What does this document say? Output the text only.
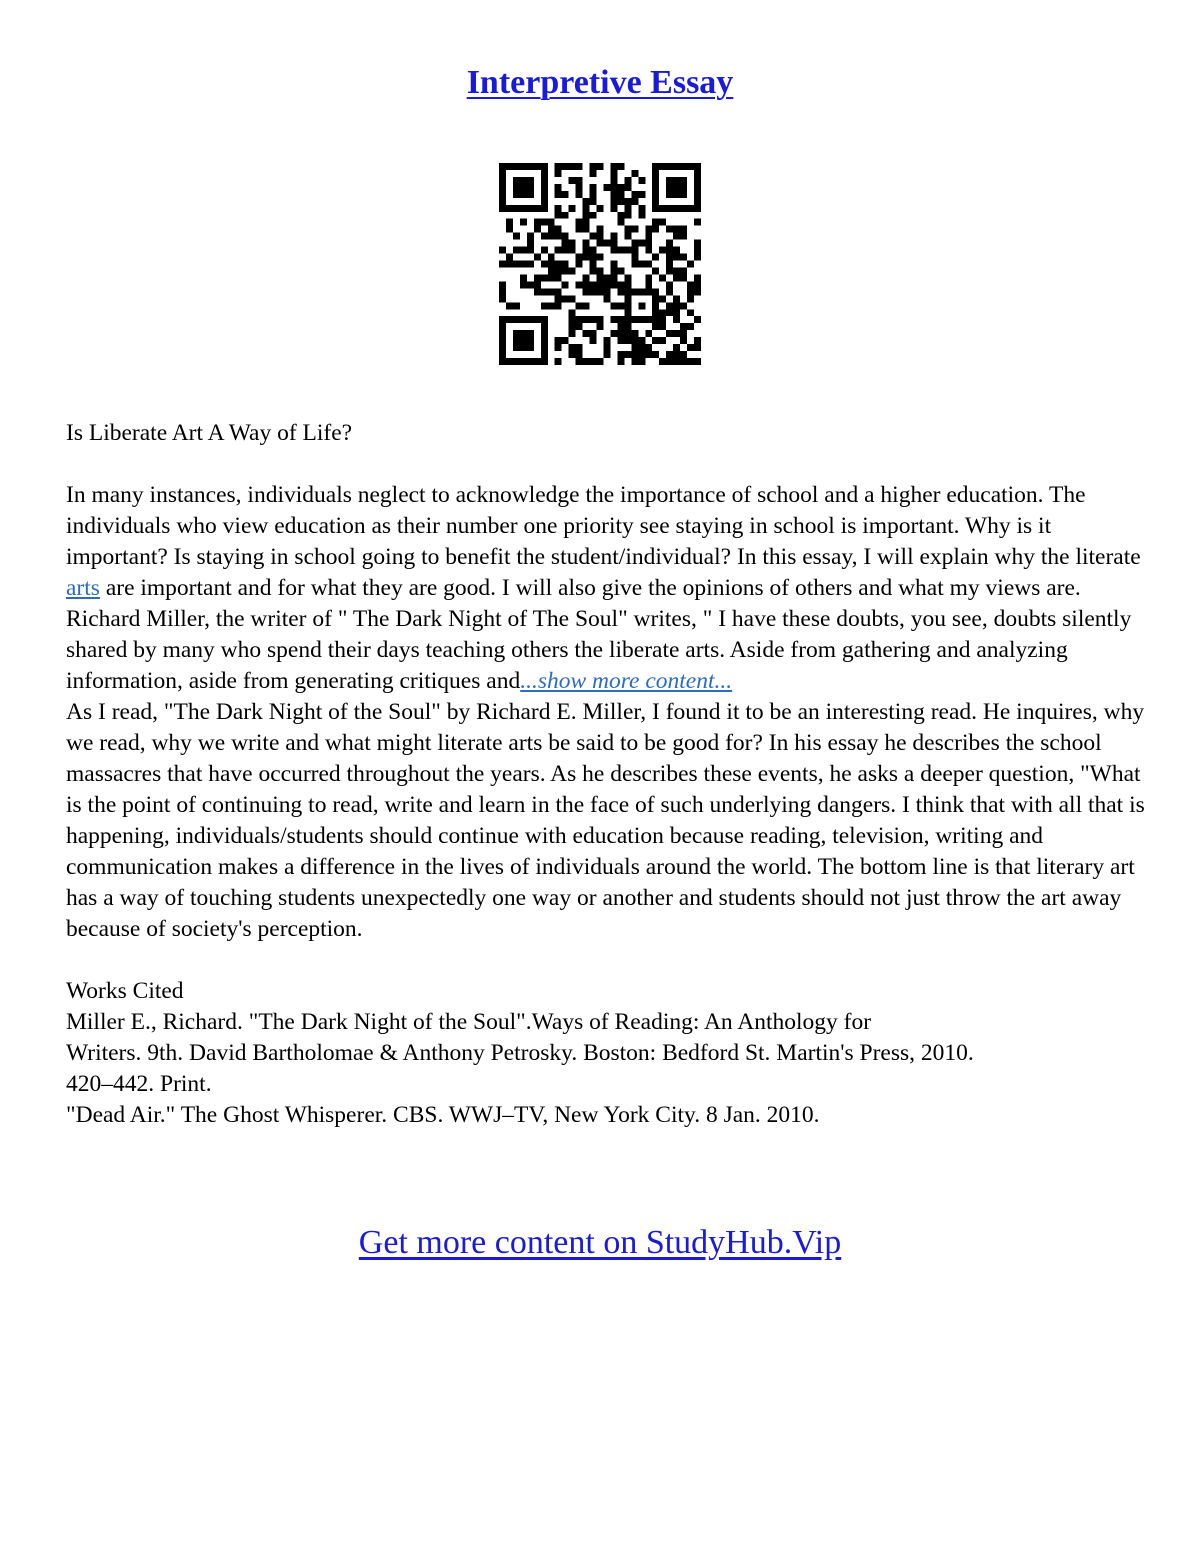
Interpretive Essay

Is Liberate Art A Way of Life?

In many instances, individuals neglect to acknowledge the importance of school and a higher education. The individuals who view education as their number one priority see staying in school is important. Why is it important? Is staying in school going to benefit the student/individual? In this essay, I will explain why the literate arts are important and for what they are good. I will also give the opinions of others and what my views are. Richard Miller, the writer of " The Dark Night of The Soul" writes, " I have these doubts, you see, doubts silently shared by many who spend their days teaching others the liberate arts. Aside from gathering and analyzing information, aside from generating critiques and...show more content...

As I read, "The Dark Night of the Soul" by Richard E. Miller, I found it to be an interesting read. He inquires, why we read, why we write and what might literate arts be said to be good for? In his essay he describes the school massacres that have occurred throughout the years. As he describes these events, he asks a deeper question, "What is the point of continuing to read, write and learn in the face of such underlying dangers. I think that with all that is happening, individuals/students should continue with education because reading, television, writing and communication makes a difference in the lives of individuals around the world. The bottom line is that literary art has a way of touching students unexpectedly one way or another and students should not just throw the art away because of society's perception.

Works Cited

Miller E., Richard. "The Dark Night of the Soul".Ways of Reading: An Anthology for

Writers. 9th. David Bartholomae & Anthony Petrosky. Boston: Bedford St. Martin's Press, 2010.

420–442. Print.

"Dead Air." The Ghost Whisperer. CBS. WWJ–TV, New York City. 8 Jan. 2010.

Get more content on StudyHub.Vip
